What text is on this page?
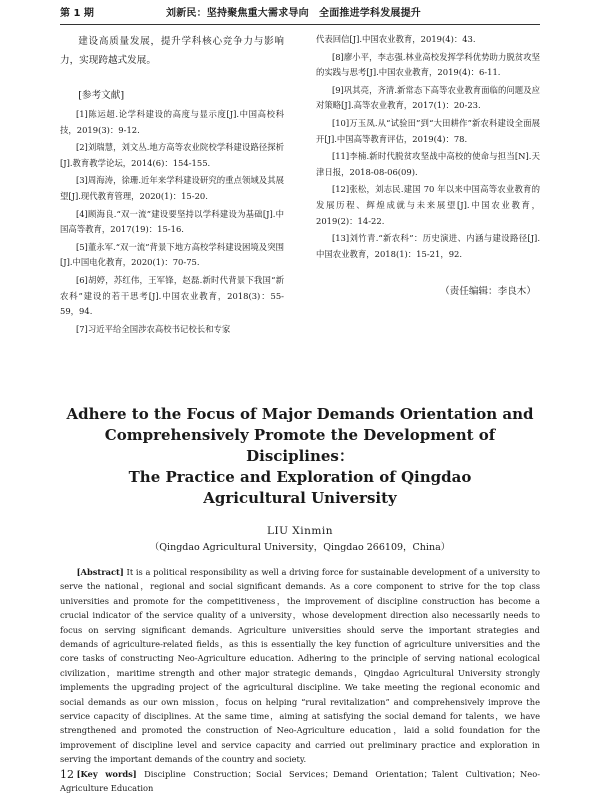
第 1 期	刘新民：坚持聚焦重大需求导向　全面推进学科发展提升

建设高质量发展，提升学科核心竞争力与影响力，实现跨越式发展。

[参考文献]

[1]陈运超.论学科建设的高度与显示度[J].中国高校科技，2019(3)：9-12.

[2]刘瑞慧，刘文丛.地方高等农业院校学科建设路径探析[J].教育教学论坛，2014(6)：154-155.

[3]周海涛，徐珊.近年来学科建设研究的重点领域及其展望[J].现代教育管理，2020(1)：15-20.

[4]顾海良.“双一流”建设要坚持以学科建设为基础[J].中国高等教育，2017(19)：15-16.

[5]董永军.“双一流”背景下地方高校学科建设困境及突围[J].中国电化教育，2020(1)：70-75.

[6]胡婷，苏红伟，王军锋，赵磊.新时代背景下我国“新农科”建设的若干思考[J].中国农业教育，2018(3)：55-59，94.

[7]习近平给全国涉农高校书记校长和专家

代表回信[J].中国农业教育，2019(4)：43.

[8]廖小平，李志强.林业高校发挥学科优势助力脱贫攻坚的实践与思考[J].中国农业教育，2019(4)：6-11.

[9]巩其亮，齐清.新常态下高等农业教育面临的问题及应对策略[J].高等农业教育，2017(1)：20-23.

[10]万玉凤.从“试验田”到“大田耕作”新农科建设全面展开[J].中国高等教育评估，2019(4)：78.

[11]李楠.新时代脱贫攻坚战中高校的使命与担当[N].天津日报，2018-08-06(09).

[12]张松，刘志民.建国 70 年以来中国高等农业教育的发展历程、辉煌成就与未来展望[J].中国农业教育，2019(2)：14-22.

[13]刘竹青.“新农科”：历史演进、内涵与建设路径[J].中国农业教育，2018(1)：15-21，92.

（责任编辑：李良木）

Adhere to the Focus of Major Demands Orientation and

Comprehensively Promote the Development of Disciplines：

The Practice and Exploration of Qingdao

Agricultural University

LIU Xinmin

（Qingdao Agricultural University，Qingdao 266109，China）

[Abstract] It is a political responsibility as well a driving force for sustainable development of a university to serve the national，regional and social significant demands. As a core component to strive for the top class universities and promote for the competitiveness，the improvement of discipline construction has become a crucial indicator of the service quality of a university，whose development direction also necessarily needs to focus on serving significant demands. Agriculture universities should serve the important strategies and demands of agriculture-related fields，as this is essentially the key function of agriculture universities and the core tasks of constructing Neo-Agriculture education. Adhering to the principle of serving national ecological civilization，maritime strength and other major strategic demands，Qingdao Agricultural University strongly implements the upgrading project of the agricultural discipline. We take meeting the regional economic and social demands as our own mission，focus on helping “rural revitalization” and comprehensively improve the service capacity of disciplines. At the same time，aiming at satisfying the social demand for talents，we have strengthened and promoted the construction of Neo-Agriculture education，laid a solid foundation for the improvement of discipline level and service capacity and carried out preliminary practice and exploration in serving the important demands of the country and society.

[Key words] Discipline Construction；Social Services；Demand Orientation；Talent Cultivation；Neo-Agriculture Education

12
